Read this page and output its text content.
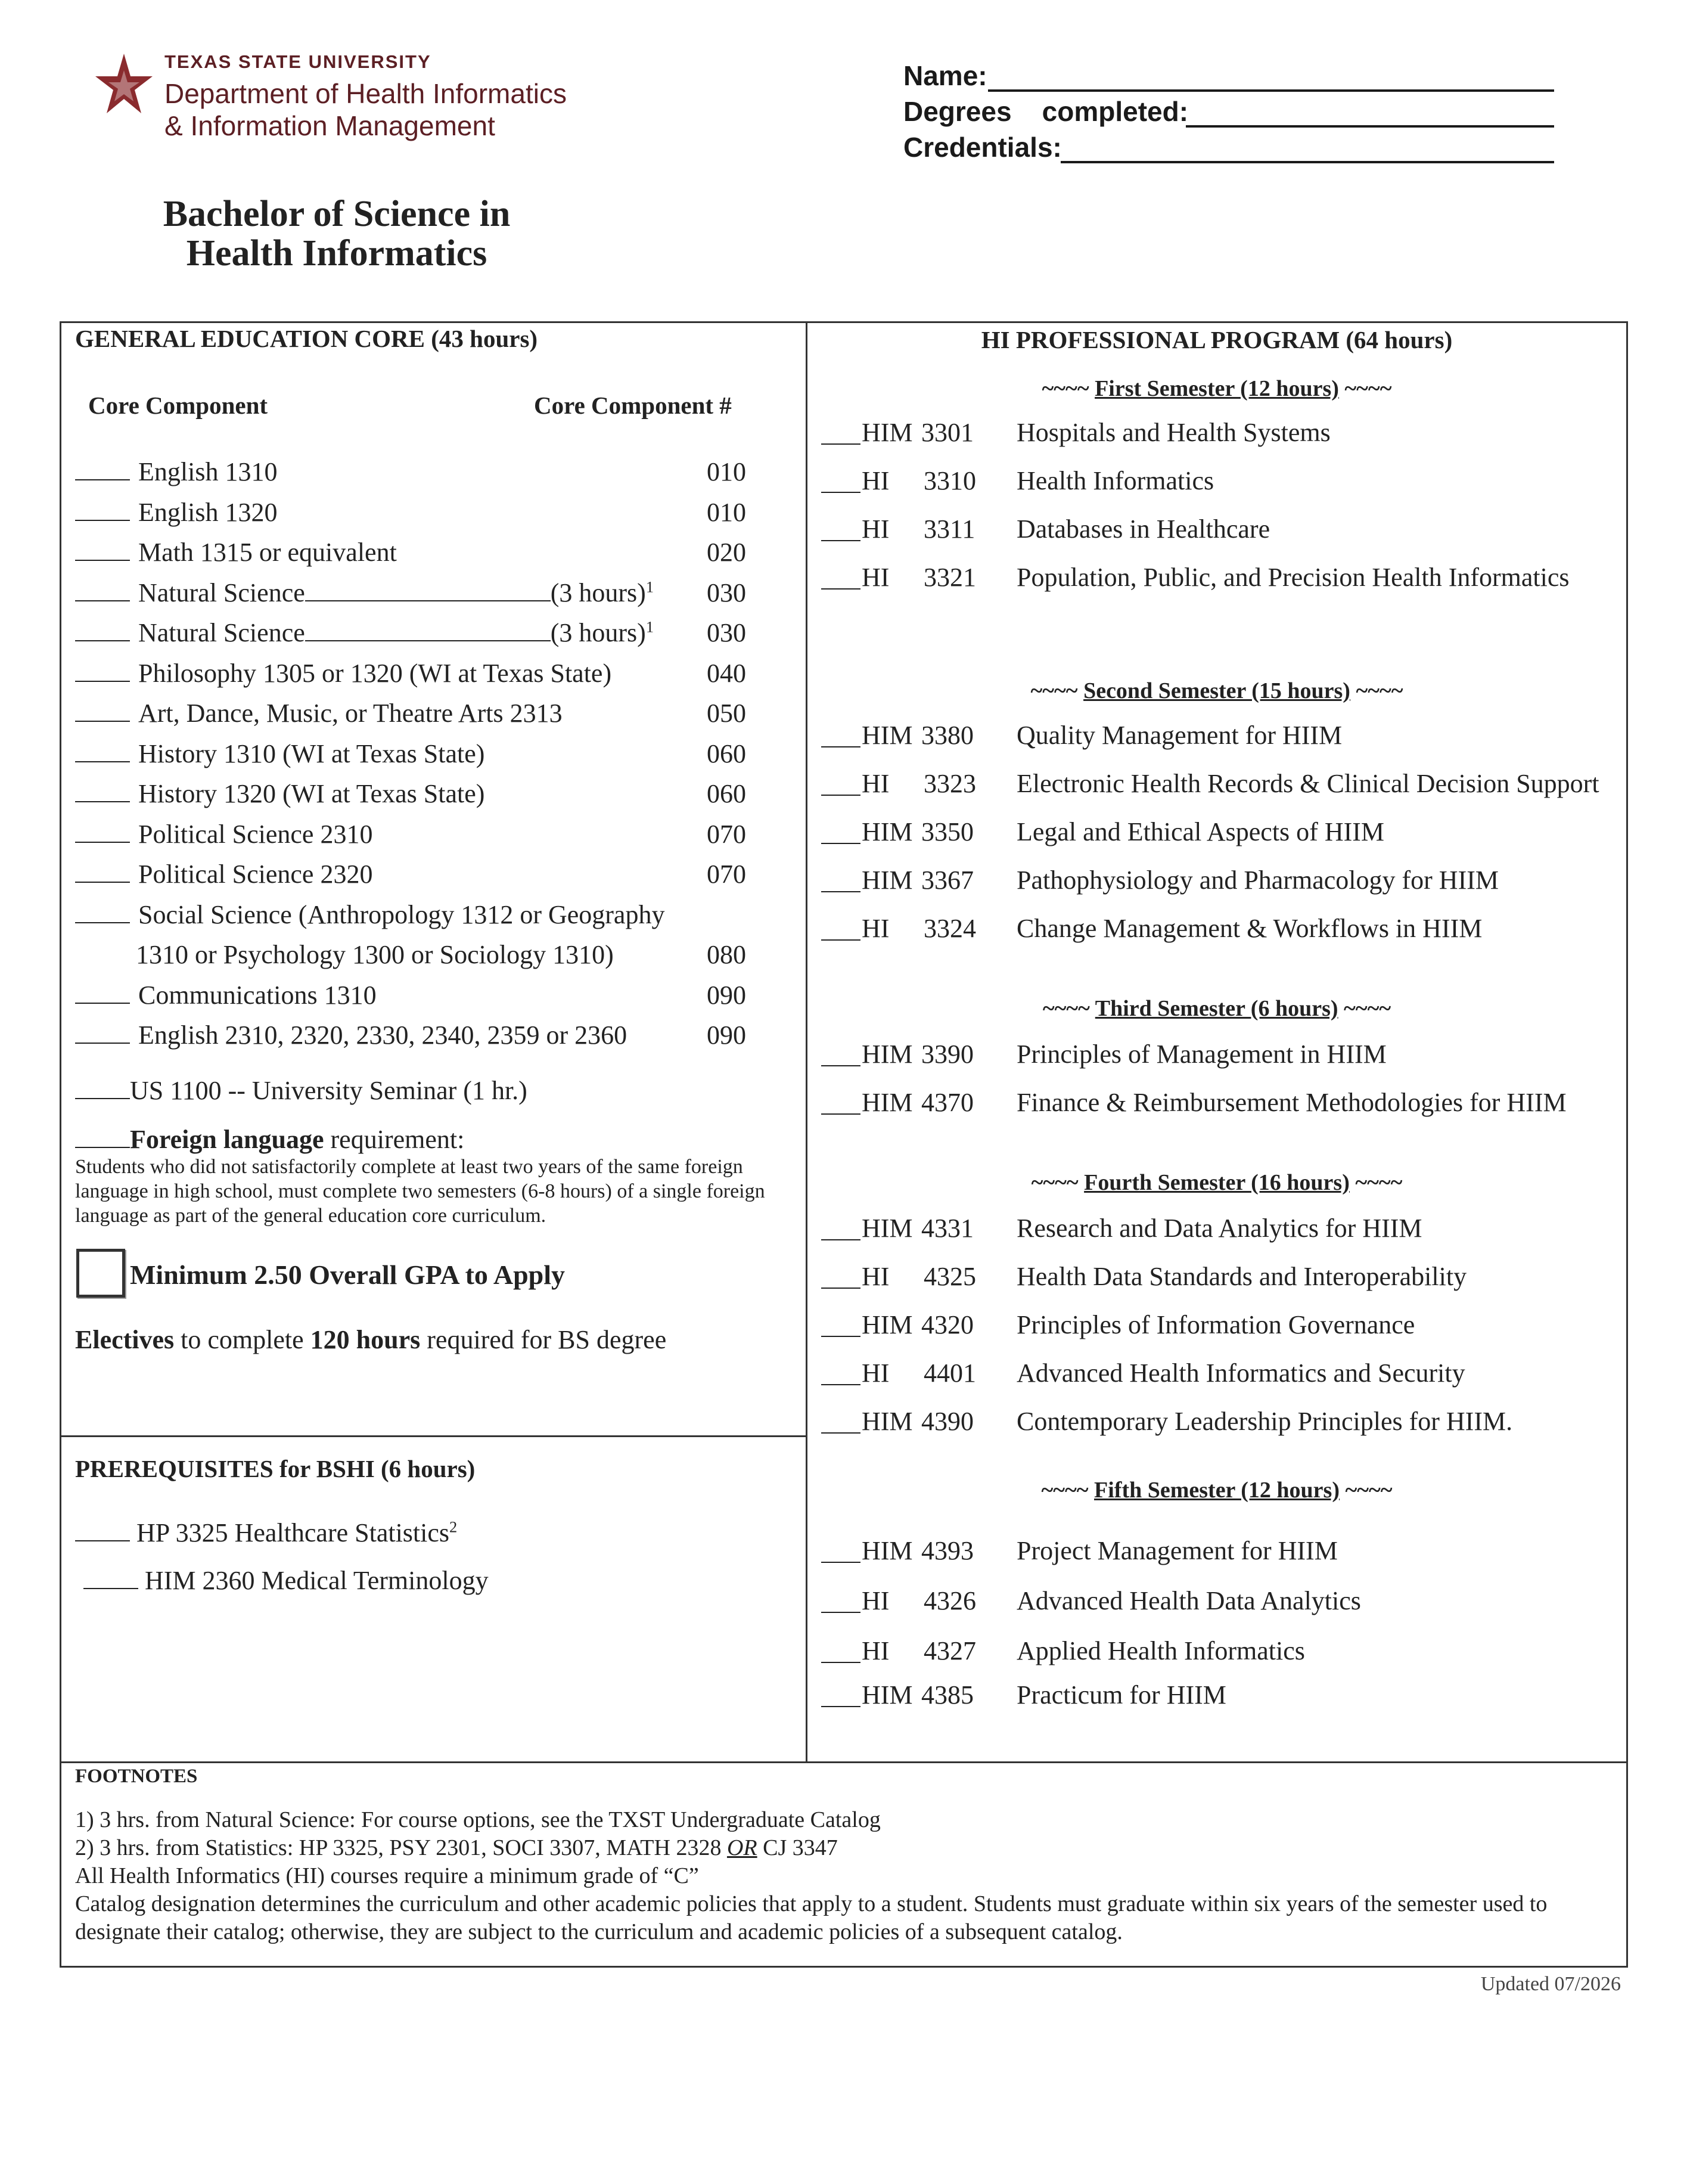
TEXAS STATE UNIVERSITY
Department of Health Informatics
& Information Management
Name:
Degrees    completed:
Credentials:
Bachelor of Science in
Health Informatics
GENERAL EDUCATION CORE (43 hours)
Core Component	Core Component #
English 1310	010
English 1320	010
Math 1315 or equivalent	020
Natural Science	(3 hours)$^1$	030
Natural Science	(3 hours)$^1$	030
Philosophy 1305 or 1320 (WI at Texas State)	040
Art, Dance, Music, or Theatre Arts 2313	050
History 1310 (WI at Texas State)	060
History 1320 (WI at Texas State)	060
Political Science 2310	070
Political Science 2320	070
Social Science (Anthropology 1312 or Geography
1310 or Psychology 1300 or Sociology 1310)	080
Communications 1310	090
English 2310, 2320, 2330, 2340, 2359 or 2360	090
US 1100 -- University Seminar (1 hr.)
Foreign language requirement:
Students who did not satisfactorily complete at least two years of the same foreign language in high school, must complete two semesters (6-8 hours) of a single foreign language as part of the general education core curriculum.
Minimum 2.50 Overall GPA to Apply
Electives to complete 120 hours required for BS degree
PREREQUISITES for BSHI (6 hours)
HP 3325 Healthcare Statistics$^2$
HIM 2360 Medical Terminology
HI PROFESSIONAL PROGRAM (64 hours)
~~~~ First Semester (12 hours) ~~~~
HIM 3301 Hospitals and Health Systems
HI 3310 Health Informatics
HI 3311 Databases in Healthcare
HI 3321 Population, Public, and Precision Health Informatics
~~~~ Second Semester (15 hours) ~~~~
HIM 3380 Quality Management for HIIM
HI 3323 Electronic Health Records & Clinical Decision Support
HIM 3350 Legal and Ethical Aspects of HIIM
HIM 3367 Pathophysiology and Pharmacology for HIIM
HI 3324 Change Management & Workflows in HIIM
~~~~ Third Semester (6 hours) ~~~~
HIM 3390 Principles of Management in HIIM
HIM 4370 Finance & Reimbursement Methodologies for HIIM
~~~~ Fourth Semester (16 hours) ~~~~
HIM 4331 Research and Data Analytics for HIIM
HI 4325 Health Data Standards and Interoperability
HIM 4320 Principles of Information Governance
HI 4401 Advanced Health Informatics and Security
HIM 4390 Contemporary Leadership Principles for HIIM.
~~~~ Fifth Semester (12 hours) ~~~~
HIM 4393 Project Management for HIIM
HI 4326 Advanced Health Data Analytics
HI 4327 Applied Health Informatics
HIM 4385 Practicum for HIIM
FOOTNOTES
1) 3 hrs. from Natural Science: For course options, see the TXST Undergraduate Catalog
2) 3 hrs. from Statistics: HP 3325, PSY 2301, SOCI 3307, MATH 2328 OR CJ 3347
All Health Informatics (HI) courses require a minimum grade of “C”
Catalog designation determines the curriculum and other academic policies that apply to a student. Students must graduate within six years of the semester used to designate their catalog; otherwise, they are subject to the curriculum and academic policies of a subsequent catalog.
Updated 07/2026
